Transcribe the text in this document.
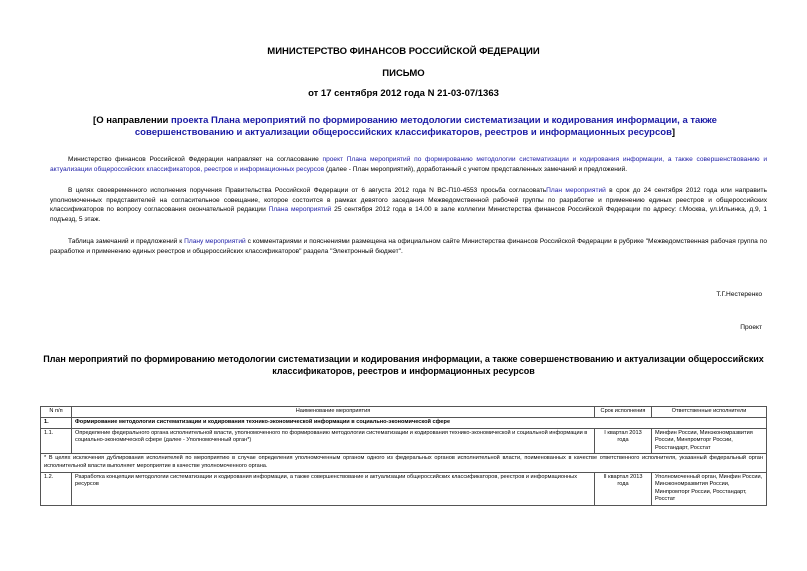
МИНИСТЕРСТВО ФИНАНСОВ РОССИЙСКОЙ ФЕДЕРАЦИИ
ПИСЬМО
от 17 сентября 2012 года N 21-03-07/1363
[О направлении проекта Плана мероприятий по формированию методологии систематизации и кодирования информации, а также совершенствованию и актуализации общероссийских классификаторов, реестров и информационных ресурсов]
Министерство финансов Российской Федерации направляет на согласование проект Плана мероприятий по формированию методологии систематизации и кодирования информации, а также совершенствованию и актуализации общероссийских классификаторов, реестров и информационных ресурсов (далее - План мероприятий), доработанный с учетом представленных замечаний и предложений.
В целях своевременного исполнения поручения Правительства Российской Федерации от 6 августа 2012 года N ВС-П10-4553 просьба согласоватьПлан мероприятий в срок до 24 сентября 2012 года или направить уполномоченных представителей на согласительное совещание, которое состоится в рамках девятого заседания Межведомственной рабочей группы по разработке и применению единых реестров и общероссийских классификаторов по вопросу согласования окончательной редакции Плана мероприятий 25 сентября 2012 года в 14.00 в зале коллегии Министерства финансов Российской Федерации по адресу: г.Москва, ул.Ильинка, д.9, 1 подъезд, 5 этаж.
Таблица замечаний и предложений к Плану мероприятий с комментариями и пояснениями размещена на официальном сайте Министерства финансов Российской Федерации в рубрике "Межведомственная рабочая группа по разработке и применению единых реестров и общероссийских классификаторов" раздела "Электронный бюджет".
Т.Г.Нестеренко
Проект
План мероприятий по формированию методологии систематизации и кодирования информации, а также совершенствованию и актуализации общероссийских классификаторов, реестров и информационных ресурсов
N п/п	Наименование мероприятия	Срок исполнения	Ответственные исполнители
1.	Формирование методологии систематизации и кодирования технико-экономической информации в социально-экономической сфере		
1.1.	Определение федерального органа исполнительной власти, уполномоченного по формированию методологии систематизации и кодирования технико-экономической и социальной информации в социально-экономической сфере (далее - Уполномоченный орган*)	I квартал 2013 года	Минфин России, Минэкономразвития России, Минпромторг России, Росстандарт, Росстат
* В целях исключения дублирования исполнителей по мероприятию в случае определения уполномоченным органом одного из федеральных органов исполнительной власти, поименованных в качестве ответственного исполнителя, указанный федеральный орган исполнительной власти выполняет мероприятие в качестве уполномоченного органа.			
1.2.	Разработка концепции методологии систематизации и кодирования информации, а также совершенствование и актуализации общероссийских классификаторов, реестров и информационных ресурсов	II квартал 2013 года	Уполномоченный орган, Минфин России, Минэкономразвития России, Минпромторг России, Росстандарт, Росстат
